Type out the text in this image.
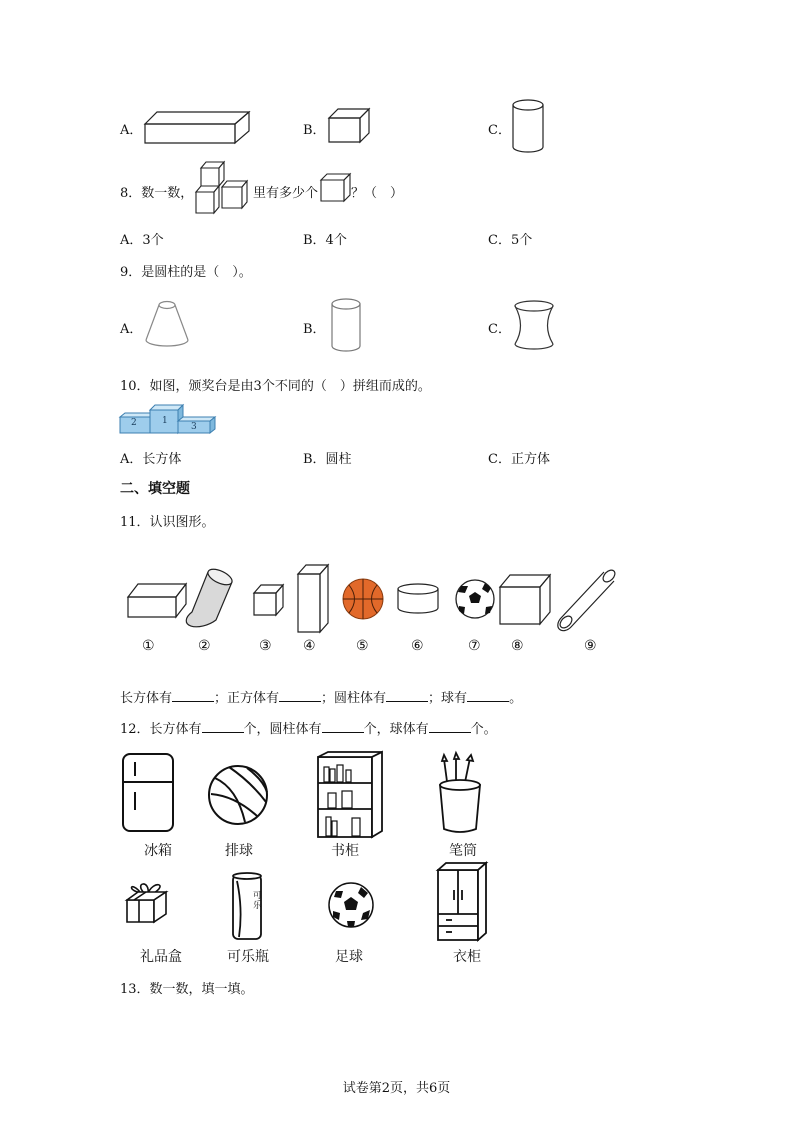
A．	B．	C．
8．数一数，	里有多少个	？（　）
A．3个	B．4个	C．5个
9．是圆柱的是（　）。
A．	B．	C．
10．如图，颁奖台是由3个不同的（　）拼组而成的。
2	1
3
A．长方体	B．圆柱	C．正方体
二、填空题
11．认识图形。
①	②	③ ④	⑤	⑥	⑦ ⑧	⑨
长方体有	；正方体有	；圆柱体有	；球有	。
12．长方体有	个，圆柱体有	个，球体有	个。
冰箱	排球	书柜	笔筒
可乐
礼品盒	可乐瓶	足球	衣柜
13．数一数，填一填。
试卷第2页，共6页
